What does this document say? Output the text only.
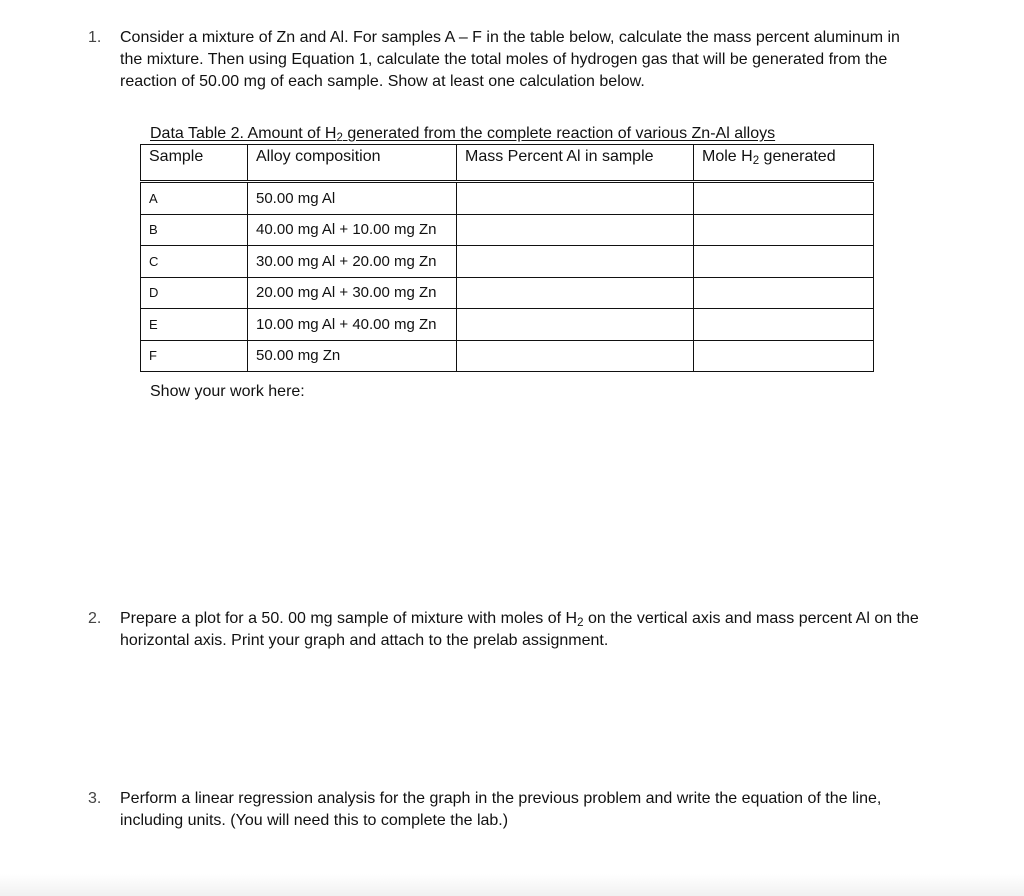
1.	Consider a mixture of Zn and Al. For samples A – F in the table below, calculate the mass percent aluminum in the mixture. Then using Equation 1, calculate the total moles of hydrogen gas that will be generated from the reaction of 50.00 mg of each sample. Show at least one calculation below.
Data Table 2. Amount of $H_2$ generated from the complete reaction of various Zn-Al alloys
Sample	Alloy composition	Mass Percent Al in sample	Mole $H_2$ generated
A	50.00 mg Al		
B	40.00 mg Al + 10.00 mg Zn		
C	30.00 mg Al + 20.00 mg Zn		
D	20.00 mg Al + 30.00 mg Zn		
E	10.00 mg Al + 40.00 mg Zn		
F	50.00 mg Zn		
Show your work here:
2.	Prepare a plot for a 50. 00 mg sample of mixture with moles of $H_2$ on the vertical axis and mass percent Al on the horizontal axis. Print your graph and attach to the prelab assignment.
3.	Perform a linear regression analysis for the graph in the previous problem and write the equation of the line, including units. (You will need this to complete the lab.)
